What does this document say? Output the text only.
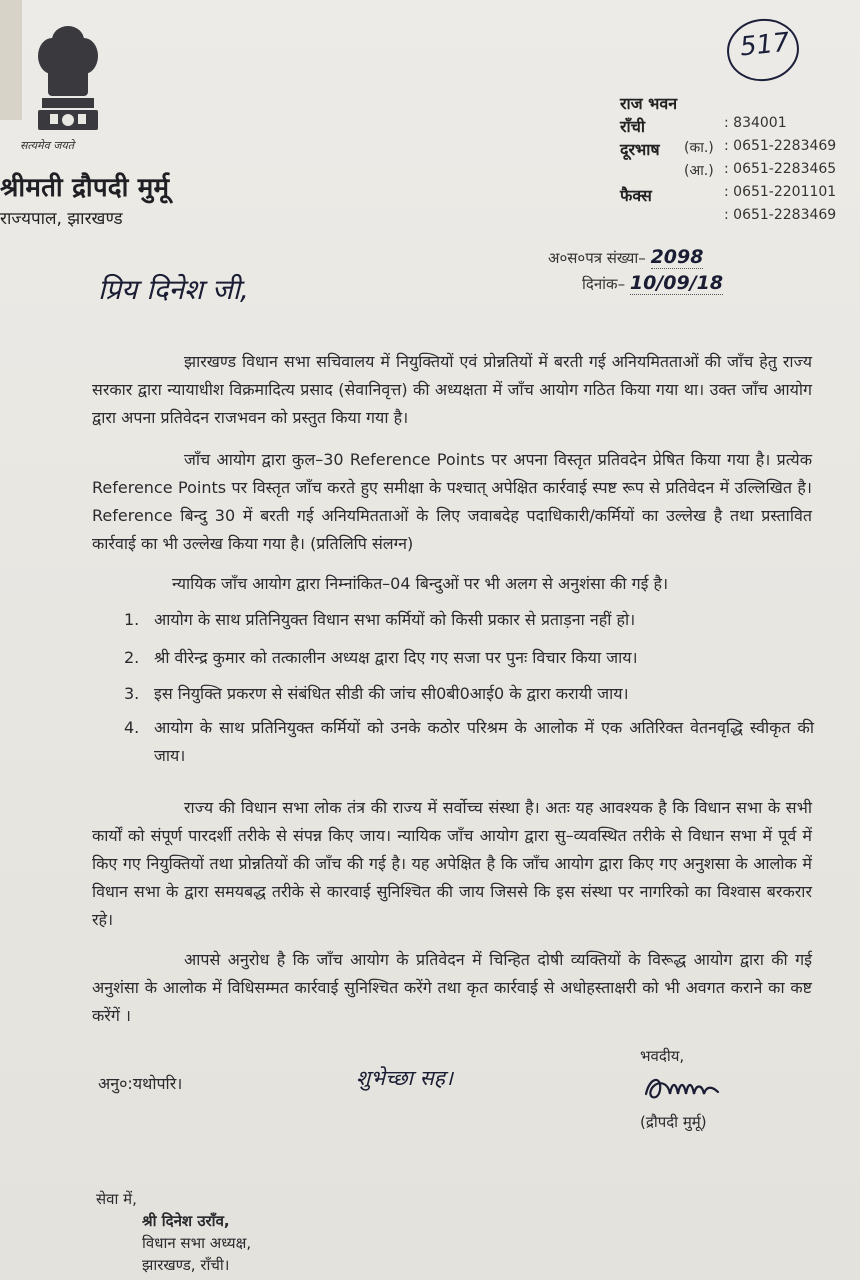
सत्यमेव जयते
श्रीमती द्रौपदी मुर्मू
राज्यपाल, झारखण्ड
517
राज भवन
राँची	: 834001
दूरभाष (का.) : 0651-2283469
(आ.) : 0651-2283465
फैक्स	: 0651-2201101
: 0651-2283469
अ०स०पत्र संख्या– 2098
दिनांक– 10/09/18
प्रिय दिनेश जी,
झारखण्ड विधान सभा सचिवालय में नियुक्तियों एवं प्रोन्नतियों में बरती गई अनियमितताओं की जाँच हेतु राज्य सरकार द्वारा न्यायाधीश विक्रमादित्य प्रसाद (सेवानिवृत्त) की अध्यक्षता में जाँच आयोग गठित किया गया था। उक्त जाँच आयोग द्वारा अपना प्रतिवेदन राजभवन को प्रस्तुत किया गया है।
जाँच आयोग द्वारा कुल–30 Reference Points पर अपना विस्तृत प्रतिवदेन प्रेषित किया गया है। प्रत्येक Reference Points पर विस्तृत जाँच करते हुए समीक्षा के पश्चात् अपेक्षित कार्रवाई स्पष्ट रूप से प्रतिवेदन में उल्लिखित है। Reference बिन्दु 30 में बरती गई अनियमितताओं के लिए जवाबदेह पदाधिकारी/कर्मियों का उल्लेख है तथा प्रस्तावित कार्रवाई का भी उल्लेख किया गया है। (प्रतिलिपि संलग्न)
न्यायिक जाँच आयोग द्वारा निम्नांकित–04 बिन्दुओं पर भी अलग से अनुशंसा की गई है।
1. आयोग के साथ प्रतिनियुक्त विधान सभा कर्मियों को किसी प्रकार से प्रताड़ना नहीं हो।
2. श्री वीरेन्द्र कुमार को तत्कालीन अध्यक्ष द्वारा दिए गए सजा पर पुनः विचार किया जाय।
3. इस नियुक्ति प्रकरण से संबंधित सीडी की जांच सी0बी0आई0 के द्वारा करायी जाय।
4. आयोग के साथ प्रतिनियुक्त कर्मियों को उनके कठोर परिश्रम के आलोक में एक अतिरिक्त वेतनवृद्धि स्वीकृत की जाय।
राज्य की विधान सभा लोक तंत्र की राज्य में सर्वोच्च संस्था है। अतः यह आवश्यक है कि विधान सभा के सभी कार्यों को संपूर्ण पारदर्शी तरीके से संपन्न किए जाय। न्यायिक जाँच आयोग द्वारा सु–व्यवस्थित तरीके से विधान सभा में पूर्व में किए गए नियुक्तियों तथा प्रोन्नतियों की जाँच की गई है। यह अपेक्षित है कि जाँच आयोग द्वारा किए गए अनुशसा के आलोक में विधान सभा के द्वारा समयबद्ध तरीके से कारवाई सुनिश्चित की जाय जिससे कि इस संस्था पर नागरिको का विश्वास बरकरार रहे।
आपसे अनुरोध है कि जाँच आयोग के प्रतिवेदन में चिन्हित दोषी व्यक्तियों के विरूद्ध आयोग द्वारा की गई अनुशंसा के आलोक में विधिसम्मत कार्रवाई सुनिश्चित करेंगे तथा कृत कार्रवाई से अधोहस्ताक्षरी को भी अवगत कराने का कष्ट करेंगें ।
अनु०:यथोपरि।	शुभेच्छा सह।
भवदीय,
(द्रौपदी मुर्मू)
सेवा में,
श्री दिनेश उराँव,
विधान सभा अध्यक्ष,
झारखण्ड, राँची।
